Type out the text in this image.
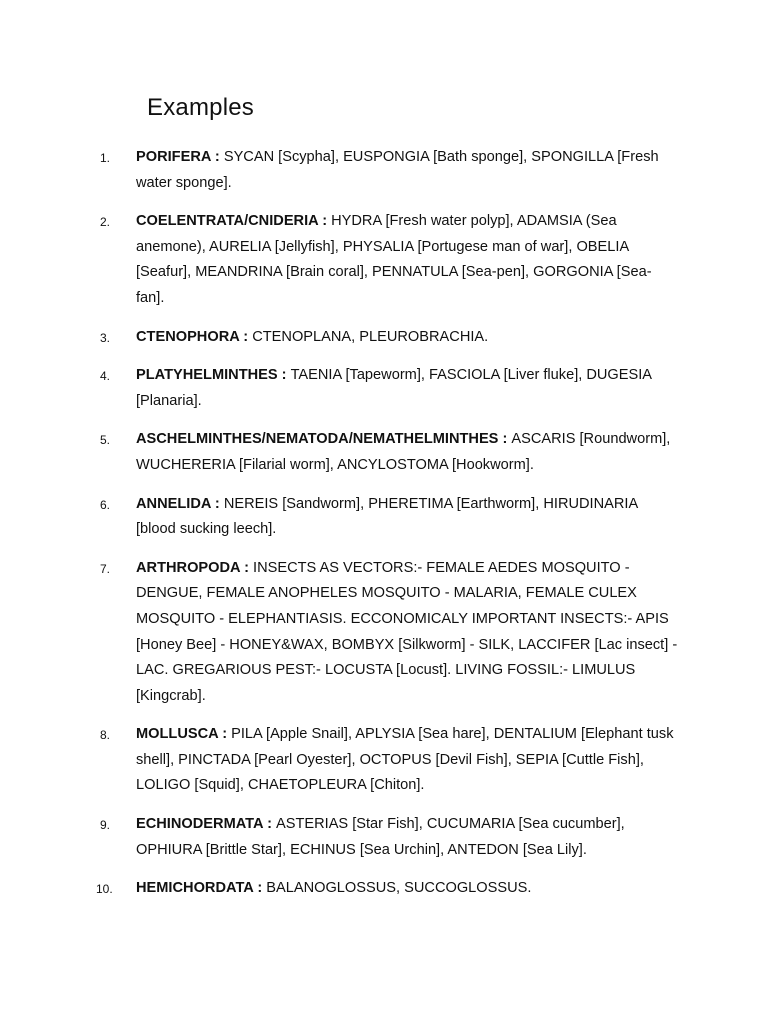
Examples
1.	PORIFERA : SYCAN [Scypha], EUSPONGIA [Bath sponge], SPONGILLA [Fresh water sponge].
2.	COELENTRATA/CNIDERIA : HYDRA [Fresh water polyp], ADAMSIA (Sea anemone), AURELIA [Jellyfish], PHYSALIA [Portugese man of war], OBELIA [Seafur], MEANDRINA [Brain coral], PENNATULA [Sea-pen], GORGONIA [Sea-fan].
3.	CTENOPHORA : CTENOPLANA, PLEUROBRACHIA.
4.	PLATYHELMINTHES : TAENIA [Tapeworm], FASCIOLA [Liver fluke], DUGESIA [Planaria].
5.	ASCHELMINTHES/NEMATODA/NEMATHELMINTHES : ASCARIS [Roundworm], WUCHERERIA [Filarial worm], ANCYLOSTOMA [Hookworm].
6.	ANNELIDA : NEREIS [Sandworm], PHERETIMA [Earthworm], HIRUDINARIA [blood sucking leech].
7.	ARTHROPODA : INSECTS AS VECTORS:- FEMALE AEDES MOSQUITO - DENGUE, FEMALE ANOPHELES MOSQUITO - MALARIA, FEMALE CULEX MOSQUITO - ELEPHANTIASIS. ECCONOMICALY IMPORTANT INSECTS:- APIS [Honey Bee] - HONEY&WAX, BOMBYX [Silkworm] - SILK, LACCIFER [Lac insect] - LAC. GREGARIOUS PEST:- LOCUSTA [Locust]. LIVING FOSSIL:- LIMULUS [Kingcrab].
8.	MOLLUSCA : PILA [Apple Snail], APLYSIA [Sea hare], DENTALIUM [Elephant tusk shell], PINCTADA [Pearl Oyester], OCTOPUS [Devil Fish], SEPIA [Cuttle Fish], LOLIGO [Squid], CHAETOPLEURA [Chiton].
9.	ECHINODERMATA : ASTERIAS [Star Fish], CUCUMARIA [Sea cucumber], OPHIURA [Brittle Star], ECHINUS [Sea Urchin], ANTEDON [Sea Lily].
10.	HEMICHORDATA : BALANOGLOSSUS, SUCCOGLOSSUS.
